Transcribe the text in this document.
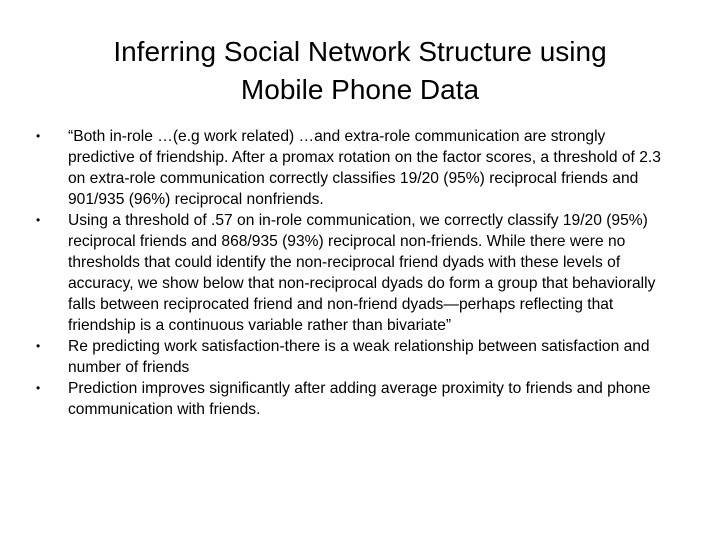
Inferring Social Network Structure using
Mobile Phone Data
• “Both in-role …(e.g work related) …and extra-role communication are strongly predictive of friendship. After a promax rotation on the factor scores, a threshold of 2.3 on extra-role communication correctly classifies 19/20 (95%) reciprocal friends and 901/935 (96%) reciprocal nonfriends.
• Using a threshold of .57 on in-role communication, we correctly classify 19/20 (95%) reciprocal friends and 868/935 (93%) reciprocal non-friends. While there were no thresholds that could identify the non-reciprocal friend dyads with these levels of accuracy, we show below that non-reciprocal dyads do form a group that behaviorally falls between reciprocated friend and non-friend dyads—perhaps reflecting that friendship is a continuous variable rather than bivariate”
• Re predicting work satisfaction-there is a weak relationship between satisfaction and number of friends
• Prediction improves significantly after adding average proximity to friends and phone communication with friends.
